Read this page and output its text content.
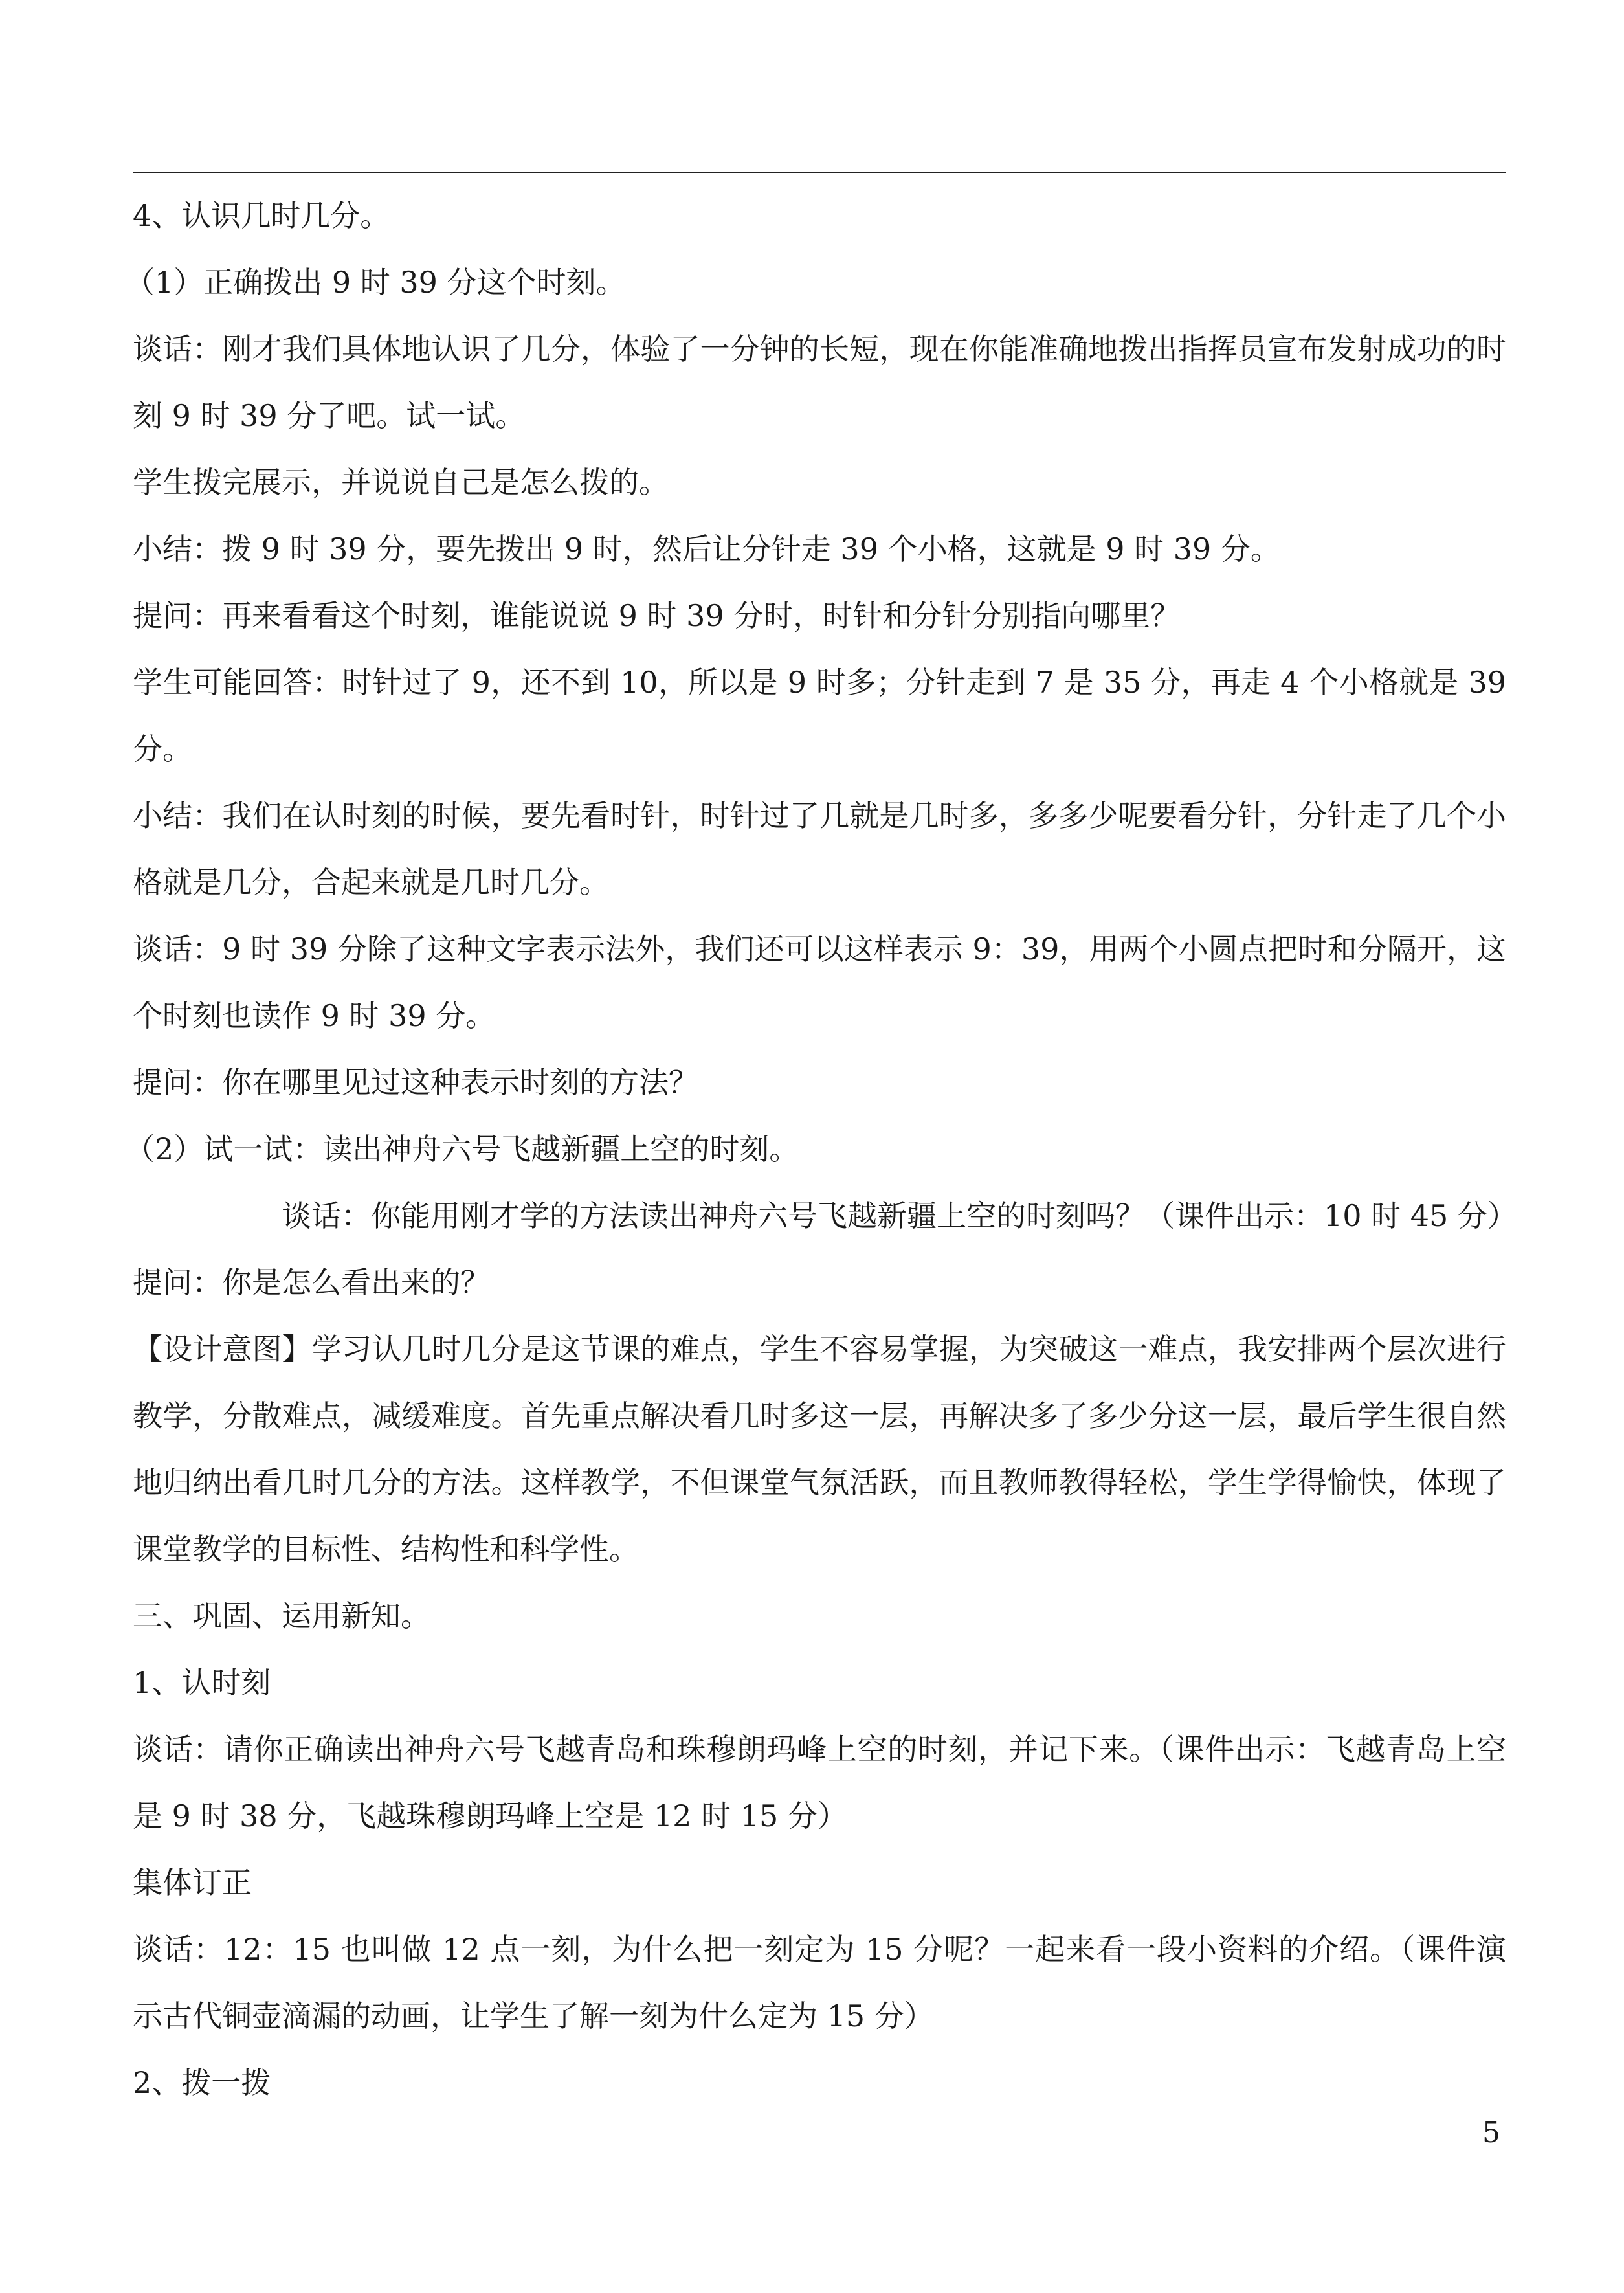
4、认识几时几分。

（1）正确拨出 9 时 39 分这个时刻。

谈话：刚才我们具体地认识了几分，体验了一分钟的长短，现在你能准确地拨出指挥员宣布发射成功的时刻 9 时 39 分了吧。试一试。

学生拨完展示，并说说自己是怎么拨的。

小结：拨 9 时 39 分，要先拨出 9 时，然后让分针走 39 个小格，这就是 9 时 39 分。

提问：再来看看这个时刻，谁能说说 9 时 39 分时，时针和分针分别指向哪里？

学生可能回答：时针过了 9，还不到 10，所以是 9 时多；分针走到 7 是 35 分，再走 4 个小格就是 39 分。

小结：我们在认时刻的时候，要先看时针，时针过了几就是几时多，多多少呢要看分针，分针走了几个小格就是几分，合起来就是几时几分。

谈话：9 时 39 分除了这种文字表示法外，我们还可以这样表示 9：39，用两个小圆点把时和分隔开，这个时刻也读作 9 时 39 分。

提问：你在哪里见过这种表示时刻的方法？

（2）试一试：读出神舟六号飞越新疆上空的时刻。

谈话：你能用刚才学的方法读出神舟六号飞越新疆上空的时刻吗？（课件出示：10 时 45 分）

提问：你是怎么看出来的？

【设计意图】学习认几时几分是这节课的难点，学生不容易掌握，为突破这一难点，我安排两个层次进行教学，分散难点，减缓难度。首先重点解决看几时多这一层，再解决多了多少分这一层，最后学生很自然地归纳出看几时几分的方法。这样教学，不但课堂气氛活跃，而且教师教得轻松，学生学得愉快，体现了课堂教学的目标性、结构性和科学性。

三、巩固、运用新知。

1、认时刻

谈话：请你正确读出神舟六号飞越青岛和珠穆朗玛峰上空的时刻，并记下来。（课件出示：飞越青岛上空是 9 时 38 分，飞越珠穆朗玛峰上空是 12 时 15 分）

集体订正

谈话：12：15 也叫做 12 点一刻，为什么把一刻定为 15 分呢？一起来看一段小资料的介绍。（课件演示古代铜壶滴漏的动画，让学生了解一刻为什么定为 15 分）

2、拨一拨

5
